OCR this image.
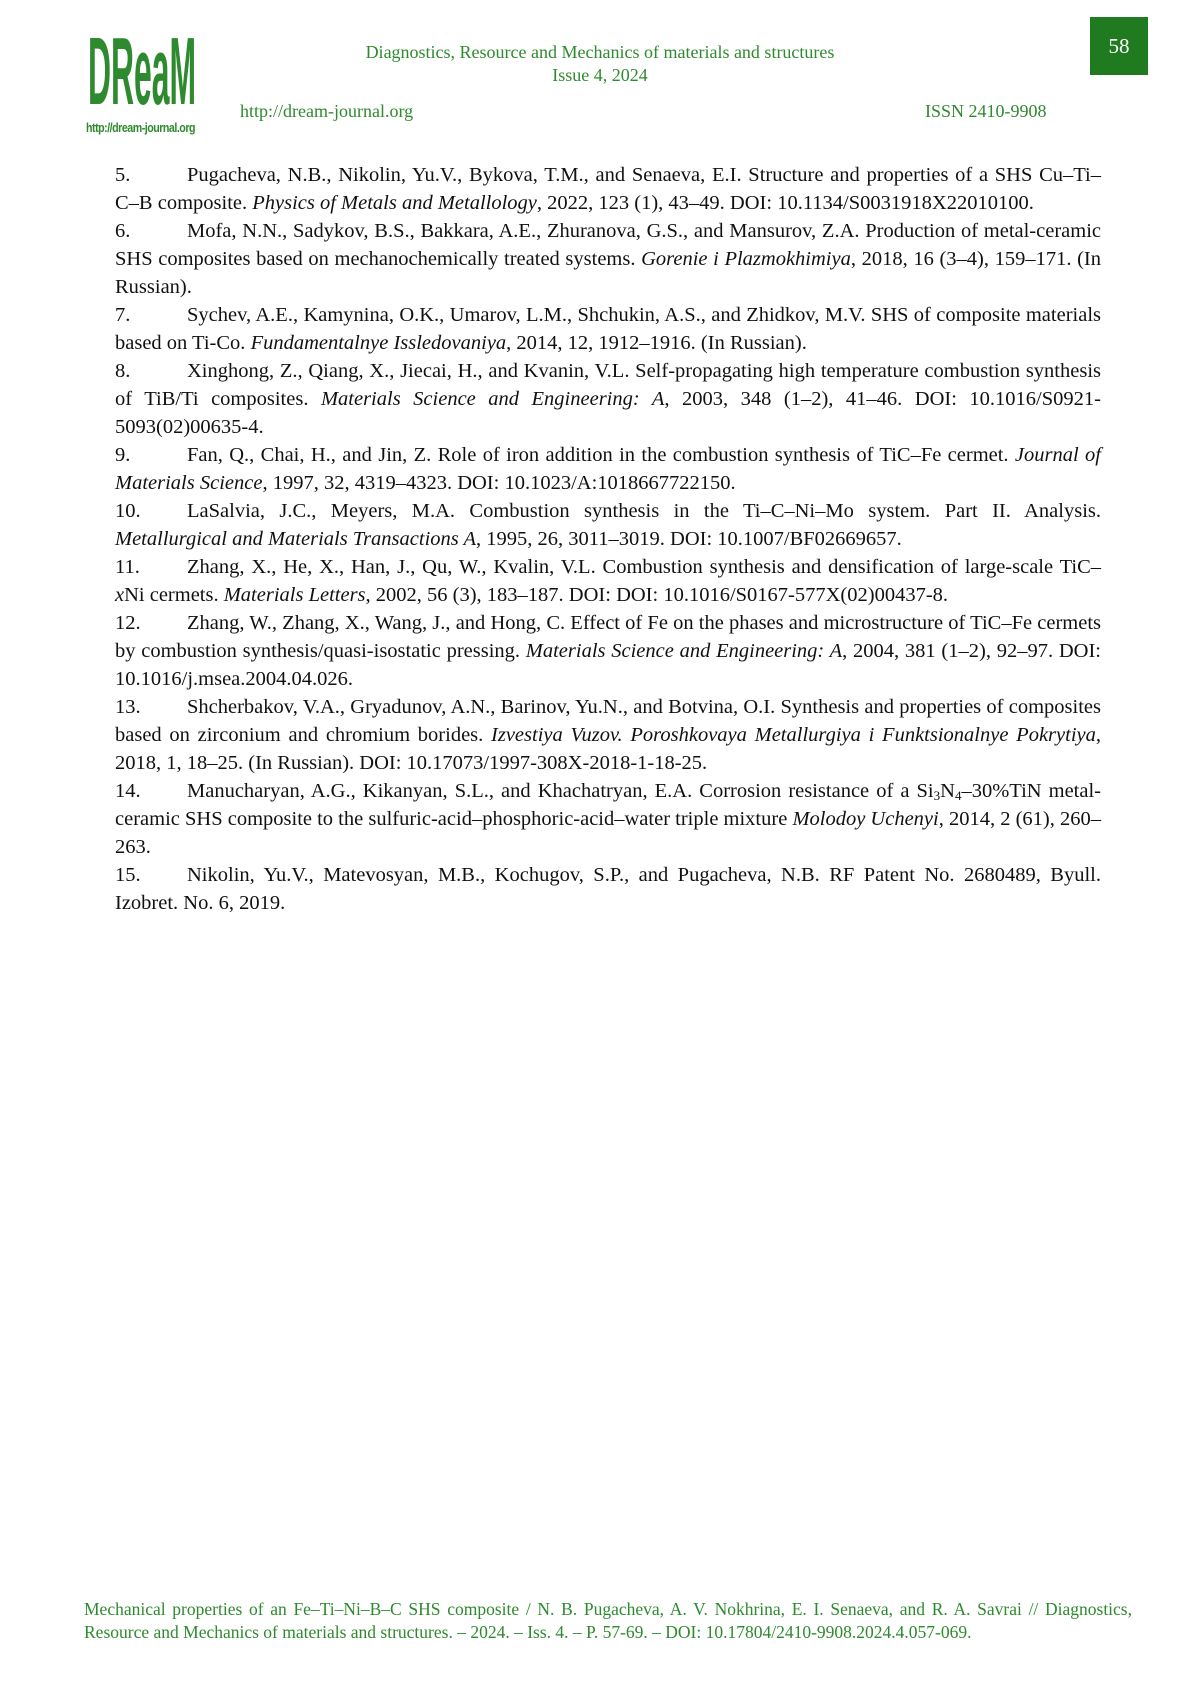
DReaM
http://dream-journal.org
Diagnostics, Resource and Mechanics of materials and structures
Issue 4, 2024
http://dream-journal.org	ISSN 2410-9908
58

5.	Pugacheva, N.B., Nikolin, Yu.V., Bykova, T.M., and Senaeva, E.I. Structure and properties of a SHS Cu–Ti–C–B composite. Physics of Metals and Metallology, 2022, 123 (1), 43–49. DOI: 10.1134/S0031918X22010100.

6.	Mofa, N.N., Sadykov, B.S., Bakkara, A.E., Zhuranova, G.S., and Mansurov, Z.A. Production of metal-ceramic SHS composites based on mechanochemically treated systems. Gorenie i Plazmokhimiya, 2018, 16 (3–4), 159–171. (In Russian).

7.	Sychev, A.E., Kamynina, O.K., Umarov, L.M., Shchukin, A.S., and Zhidkov, M.V. SHS of composite materials based on Ti-Co. Fundamentalnye Issledovaniya, 2014, 12, 1912–1916. (In Russian).

8.	Xinghong, Z., Qiang, X., Jiecai, H., and Kvanin, V.L. Self-propagating high temperature combustion synthesis of TiB/Ti composites. Materials Science and Engineering: A, 2003, 348 (1–2), 41–46. DOI: 10.1016/S0921-5093(02)00635-4.

9.	Fan, Q., Chai, H., and Jin, Z. Role of iron addition in the combustion synthesis of TiC–Fe cermet. Journal of Materials Science, 1997, 32, 4319–4323. DOI: 10.1023/A:1018667722150.

10. LaSalvia, J.C., Meyers, M.A. Combustion synthesis in the Ti–C–Ni–Mo system. Part II. Analysis. Metallurgical and Materials Transactions A, 1995, 26, 3011–3019. DOI: 10.1007/BF02669657.

11. Zhang, X., He, X., Han, J., Qu, W., Kvalin, V.L. Combustion synthesis and densification of large-scale TiC–xNi cermets. Materials Letters, 2002, 56 (3), 183–187. DOI: DOI: 10.1016/S0167-577X(02)00437-8.

12. Zhang, W., Zhang, X., Wang, J., and Hong, C. Effect of Fe on the phases and microstructure of TiC–Fe cermets by combustion synthesis/quasi-isostatic pressing. Materials Science and Engineering: A, 2004, 381 (1–2), 92–97. DOI: 10.1016/j.msea.2004.04.026.

13. Shcherbakov, V.A., Gryadunov, A.N., Barinov, Yu.N., and Botvina, O.I. Synthesis and properties of composites based on zirconium and chromium borides. Izvestiya Vuzov. Poroshkovaya Metallurgiya i Funktsionalnye Pokrytiya, 2018, 1, 18–25. (In Russian). DOI: 10.17073/1997-308X-2018-1-18-25.

14. Manucharyan, A.G., Kikanyan, S.L., and Khachatryan, E.A. Corrosion resistance of a $Si_3N_4-30\%TiN$ metal-ceramic SHS composite to the sulfuric-acid–phosphoric-acid–water triple mixture Molodoy Uchenyi, 2014, 2 (61), 260–263.

15. Nikolin, Yu.V., Matevosyan, M.B., Kochugov, S.P., and Pugacheva, N.B. RF Patent No. 2680489, Byull. Izobret. No. 6, 2019.

Mechanical properties of an Fe–Ti–Ni–B–C SHS composite / N. B. Pugacheva, A. V. Nokhrina, E. I. Senaeva, and R. A. Savrai // Diagnostics, Resource and Mechanics of materials and structures. – 2024. – Iss. 4. – P. 57-69. – DOI: 10.17804/2410-9908.2024.4.057-069.
